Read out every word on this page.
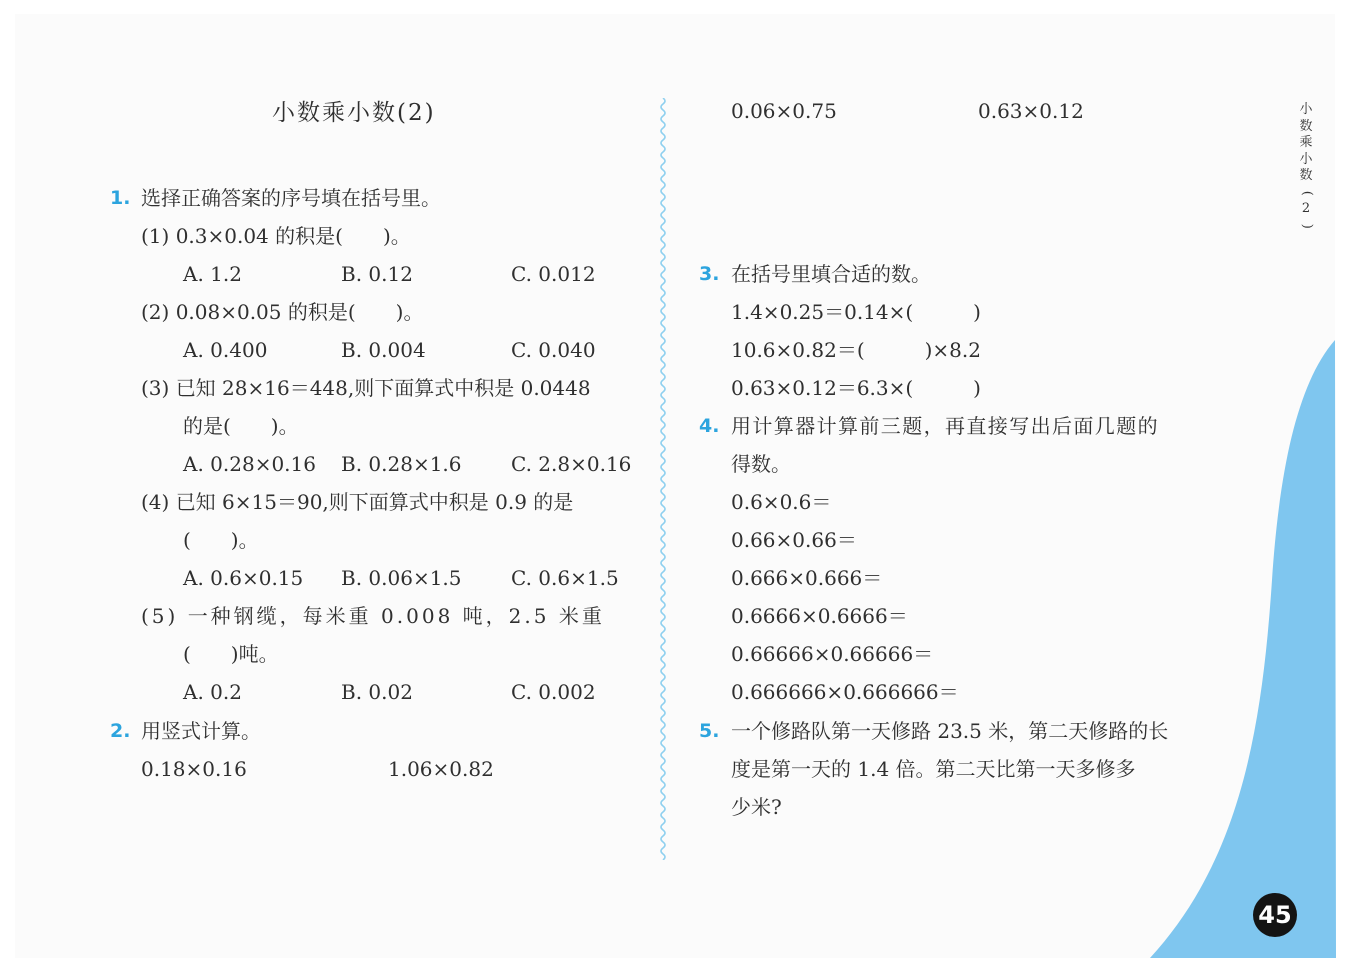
小数乘小数(2)
1. 选择正确答案的序号填在括号里。
(1) 0.3×0.04 的积是(　　)。
A. 1.2	B. 0.12	C. 0.012
(2) 0.08×0.05 的积是(　　)。
A. 0.400	B. 0.004	C. 0.040
(3) 已知 28×16＝448,则下面算式中积是 0.0448
的是(　　)。
A. 0.28×0.16 B. 0.28×1.6 C. 2.8×0.16
(4) 已知 6×15＝90,则下面算式中积是 0.9 的是
(　　)。
A. 0.6×0.15 B. 0.06×1.5 C. 0.6×1.5
(5) 一种钢缆，每米重 0.008 吨，2.5 米重
(　　)吨。
A. 0.2	B. 0.02	C. 0.002
2. 用竖式计算。
0.18×0.16	1.06×0.82
0.06×0.75	0.63×0.12
3. 在括号里填合适的数。
1.4×0.25＝0.14×(　　　)
10.6×0.82＝(　　　)×8.2
0.63×0.12＝6.3×(　　　)
4. 用计算器计算前三题，再直接写出后面几题的
得数。
0.6×0.6＝
0.66×0.66＝
0.666×0.666＝
0.6666×0.6666＝
0.66666×0.66666＝
0.666666×0.666666＝
5. 一个修路队第一天修路 23.5 米，第二天修路的长
度是第一天的 1.4 倍。第二天比第一天多修多
少米?
小
数
乘
小
数
(
2
)
45
